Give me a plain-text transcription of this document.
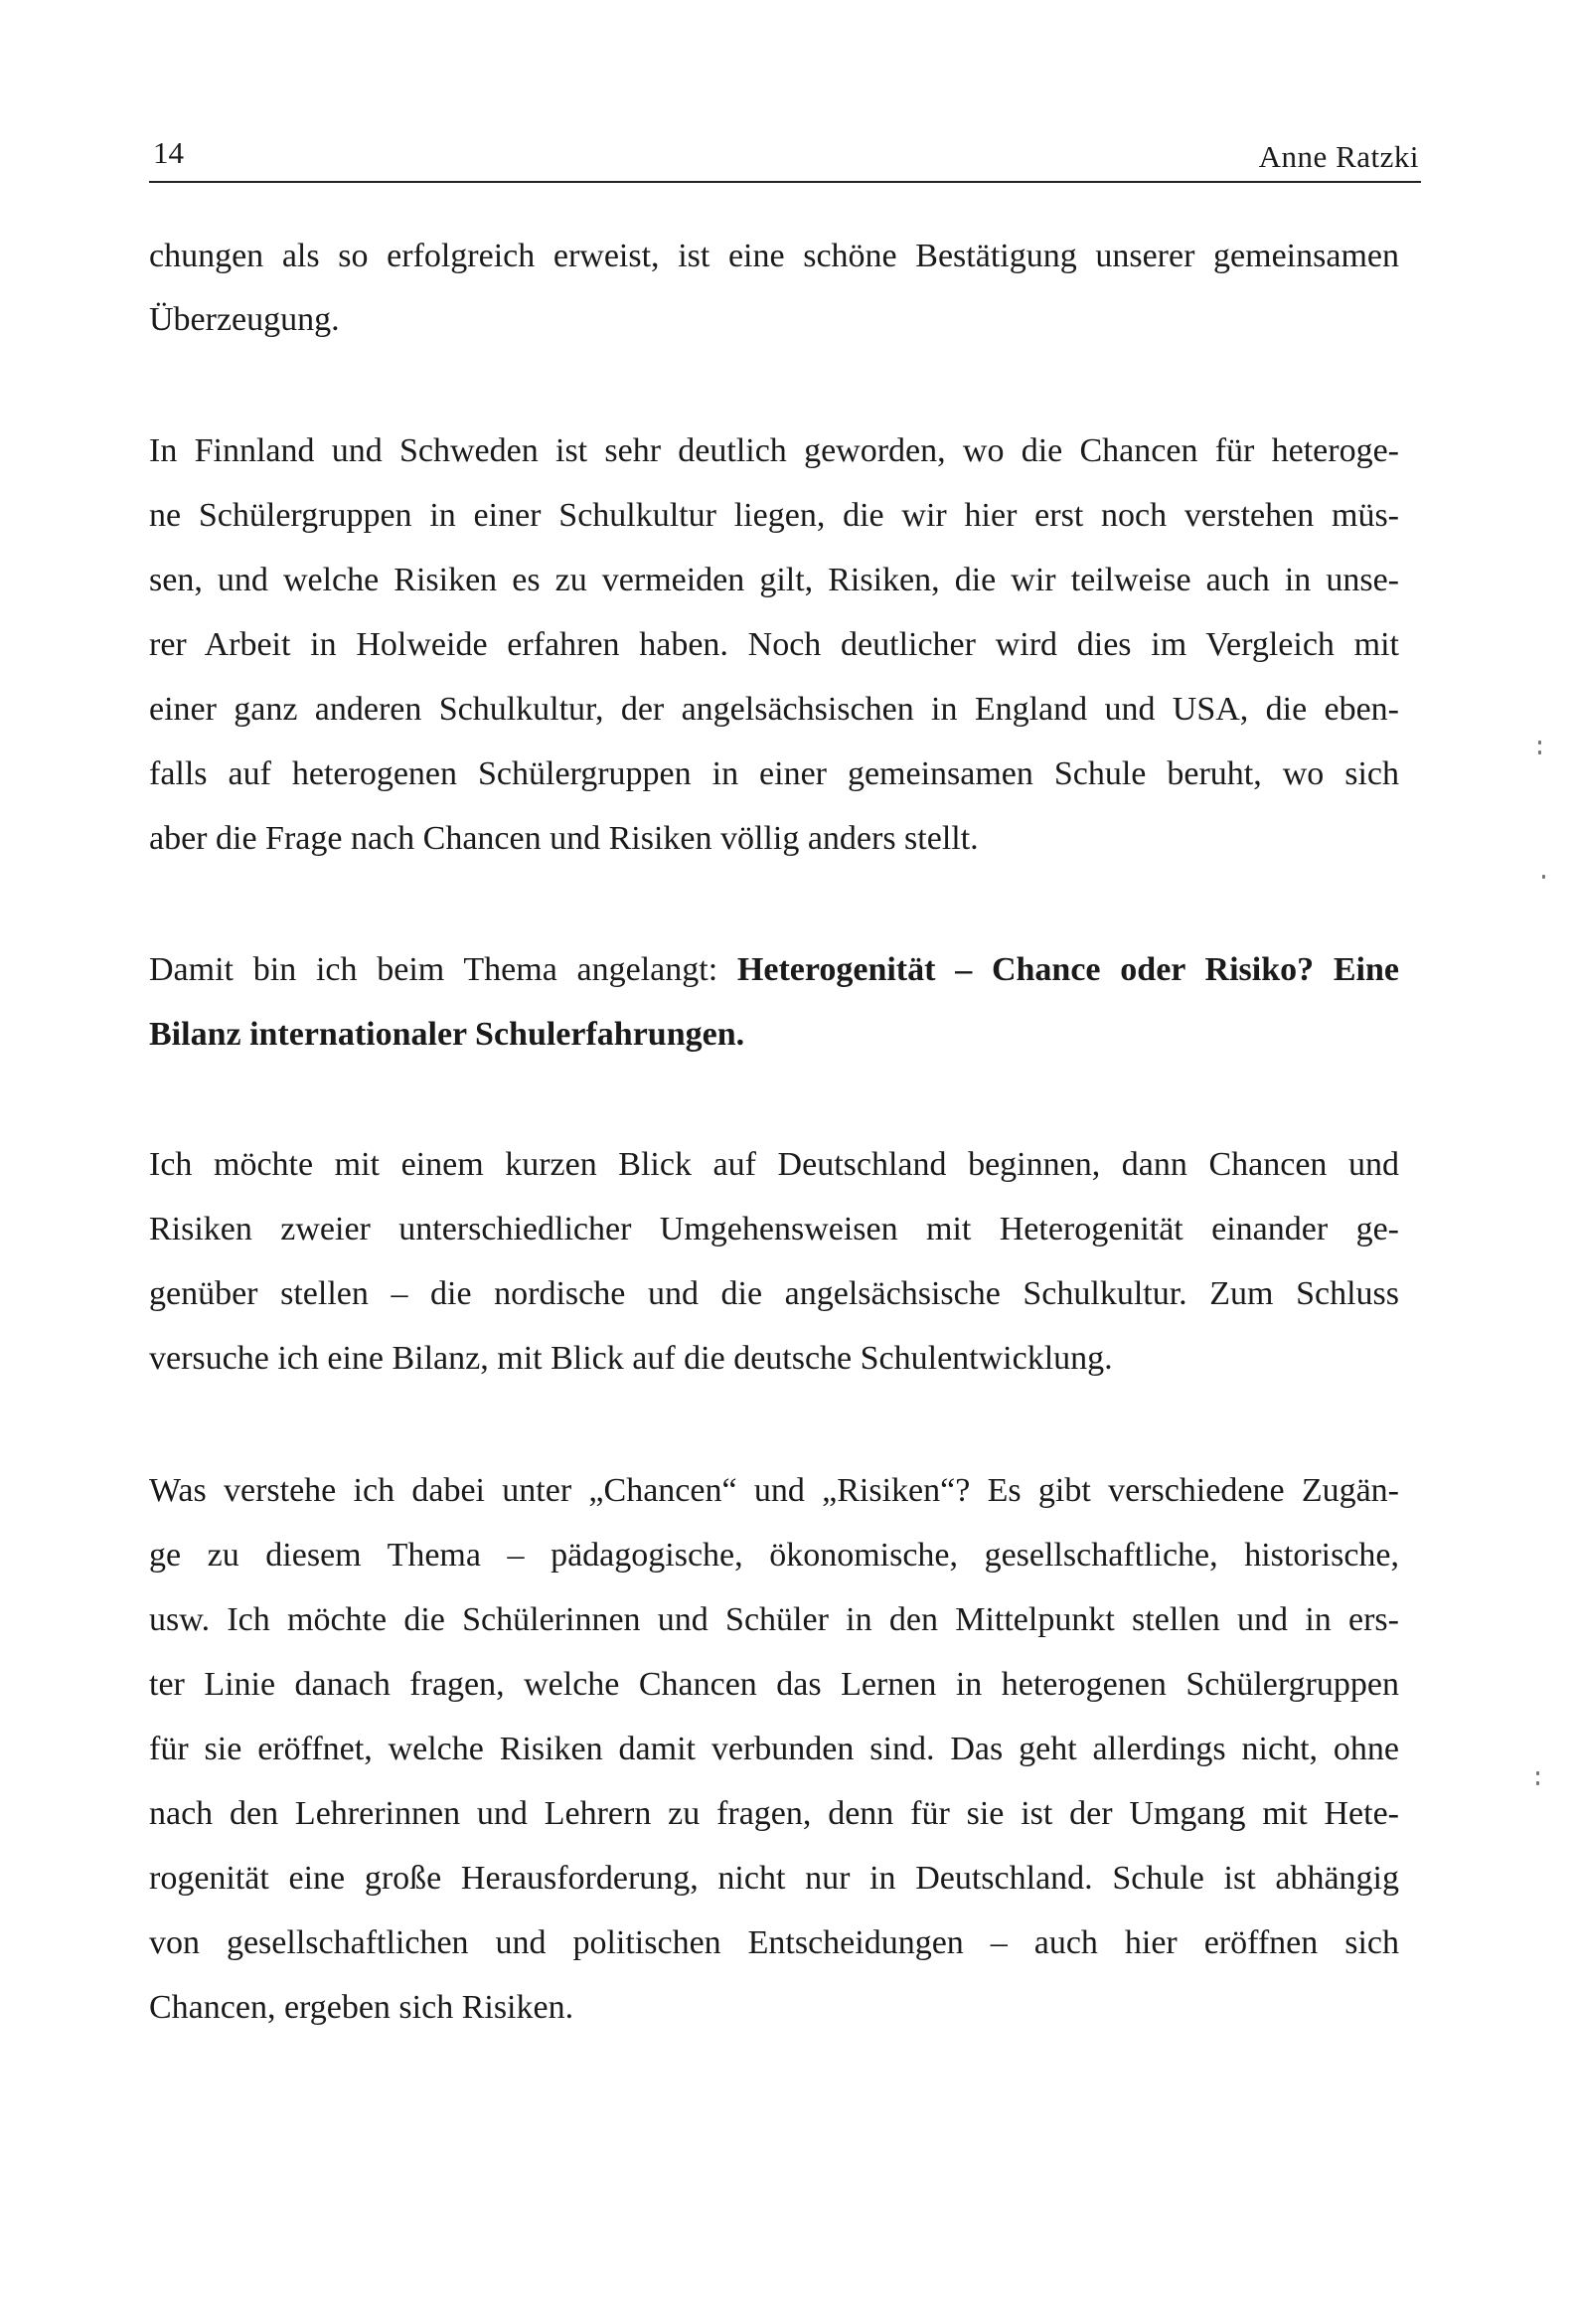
14	Anne Ratzki
chungen als so erfolgreich erweist, ist eine schöne Bestätigung unserer gemeinsamen
Überzeugung.
In Finnland und Schweden ist sehr deutlich geworden, wo die Chancen für heteroge-
ne Schülergruppen in einer Schulkultur liegen, die wir hier erst noch verstehen müs-
sen, und welche Risiken es zu vermeiden gilt, Risiken, die wir teilweise auch in unse-
rer Arbeit in Holweide erfahren haben. Noch deutlicher wird dies im Vergleich mit
einer ganz anderen Schulkultur, der angelsächsischen in England und USA, die eben-
falls auf heterogenen Schülergruppen in einer gemeinsamen Schule beruht, wo sich
aber die Frage nach Chancen und Risiken völlig anders stellt.
Damit bin ich beim Thema angelangt: Heterogenität – Chance oder Risiko? Eine
Bilanz internationaler Schulerfahrungen.
Ich möchte mit einem kurzen Blick auf Deutschland beginnen, dann Chancen und
Risiken zweier unterschiedlicher Umgehensweisen mit Heterogenität einander ge-
genüber stellen – die nordische und die angelsächsische Schulkultur. Zum Schluss
versuche ich eine Bilanz, mit Blick auf die deutsche Schulentwicklung.
Was verstehe ich dabei unter „Chancen“ und „Risiken“? Es gibt verschiedene Zugän-
ge zu diesem Thema – pädagogische, ökonomische, gesellschaftliche, historische,
usw. Ich möchte die Schülerinnen und Schüler in den Mittelpunkt stellen und in ers-
ter Linie danach fragen, welche Chancen das Lernen in heterogenen Schülergruppen
für sie eröffnet, welche Risiken damit verbunden sind. Das geht allerdings nicht, ohne
nach den Lehrerinnen und Lehrern zu fragen, denn für sie ist der Umgang mit Hete-
rogenität eine große Herausforderung, nicht nur in Deutschland. Schule ist abhängig
von gesellschaftlichen und politischen Entscheidungen – auch hier eröffnen sich
Chancen, ergeben sich Risiken.
